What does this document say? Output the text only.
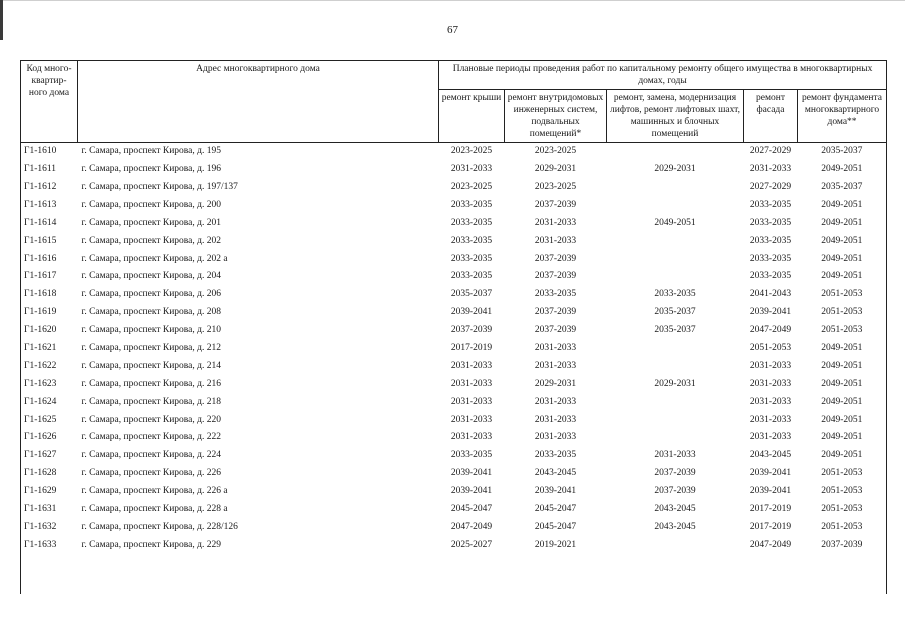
67
Код много-квартир-ного дома	Адрес многоквартирного дома	Плановые периоды проведения работ по капитальному ремонту общего имущества в многоквартирных домах, годы				
		ремонт крыши	ремонт внутридомовых инженерных систем, подвальных помещений*	ремонт, замена, модернизация лифтов, ремонт лифтовых шахт, машинных и блочных помещений	ремонт фасада	ремонт фундамента многоквартирного дома**
Г1-1610	г. Самара, проспект Кирова, д. 195	2023-2025	2023-2025		2027-2029	2035-2037
Г1-1611	г. Самара, проспект Кирова, д. 196	2031-2033	2029-2031	2029-2031	2031-2033	2049-2051
Г1-1612	г. Самара, проспект Кирова, д. 197/137	2023-2025	2023-2025		2027-2029	2035-2037
Г1-1613	г. Самара, проспект Кирова, д. 200	2033-2035	2037-2039		2033-2035	2049-2051
Г1-1614	г. Самара, проспект Кирова, д. 201	2033-2035	2031-2033	2049-2051	2033-2035	2049-2051
Г1-1615	г. Самара, проспект Кирова, д. 202	2033-2035	2031-2033		2033-2035	2049-2051
Г1-1616	г. Самара, проспект Кирова, д. 202 а	2033-2035	2037-2039		2033-2035	2049-2051
Г1-1617	г. Самара, проспект Кирова, д. 204	2033-2035	2037-2039		2033-2035	2049-2051
Г1-1618	г. Самара, проспект Кирова, д. 206	2035-2037	2033-2035	2033-2035	2041-2043	2051-2053
Г1-1619	г. Самара, проспект Кирова, д. 208	2039-2041	2037-2039	2035-2037	2039-2041	2051-2053
Г1-1620	г. Самара, проспект Кирова, д. 210	2037-2039	2037-2039	2035-2037	2047-2049	2051-2053
Г1-1621	г. Самара, проспект Кирова, д. 212	2017-2019	2031-2033		2051-2053	2049-2051
Г1-1622	г. Самара, проспект Кирова, д. 214	2031-2033	2031-2033		2031-2033	2049-2051
Г1-1623	г. Самара, проспект Кирова, д. 216	2031-2033	2029-2031	2029-2031	2031-2033	2049-2051
Г1-1624	г. Самара, проспект Кирова, д. 218	2031-2033	2031-2033		2031-2033	2049-2051
Г1-1625	г. Самара, проспект Кирова, д. 220	2031-2033	2031-2033		2031-2033	2049-2051
Г1-1626	г. Самара, проспект Кирова, д. 222	2031-2033	2031-2033		2031-2033	2049-2051
Г1-1627	г. Самара, проспект Кирова, д. 224	2033-2035	2033-2035	2031-2033	2043-2045	2049-2051
Г1-1628	г. Самара, проспект Кирова, д. 226	2039-2041	2043-2045	2037-2039	2039-2041	2051-2053
Г1-1629	г. Самара, проспект Кирова, д. 226 а	2039-2041	2039-2041	2037-2039	2039-2041	2051-2053
Г1-1631	г. Самара, проспект Кирова, д. 228 а	2045-2047	2045-2047	2043-2045	2017-2019	2051-2053
Г1-1632	г. Самара, проспект Кирова, д. 228/126	2047-2049	2045-2047	2043-2045	2017-2019	2051-2053
Г1-1633	г. Самара, проспект Кирова, д. 229	2025-2027	2019-2021		2047-2049	2037-2039
